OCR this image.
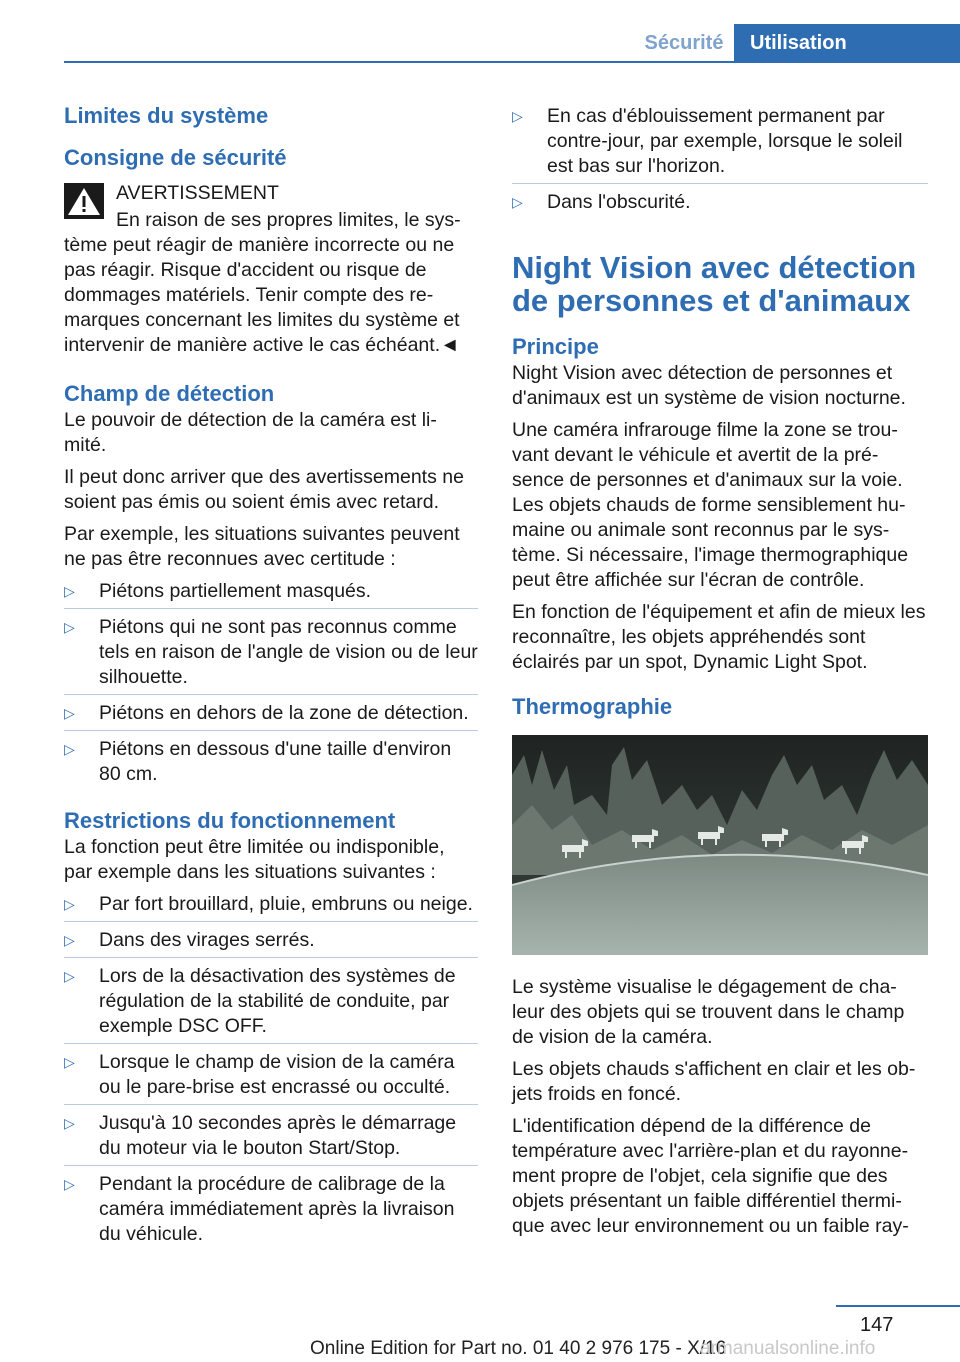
Sécurité	Utilisation
Limites du système
Consigne de sécurité
AVERTISSEMENT

En raison de ses propres limites, le sys-tème peut réagir de manière incorrecte ou ne pas réagir. Risque d'accident ou risque de dommages matériels. Tenir compte des re-marques concernant les limites du système et intervenir de manière active le cas échéant.◄

Champ de détection

Le pouvoir de détection de la caméra est li-mité.

Il peut donc arriver que des avertissements ne soient pas émis ou soient émis avec retard.

Par exemple, les situations suivantes peuvent ne pas être reconnues avec certitude :

▷ Piétons partiellement masqués.
▷ Piétons qui ne sont pas reconnus comme tels en raison de l'angle de vision ou de leur silhouette.
▷ Piétons en dehors de la zone de détection.
▷ Piétons en dessous d'une taille d'environ 80 cm.
Restrictions du fonctionnement

La fonction peut être limitée ou indisponible, par exemple dans les situations suivantes :

▷ Par fort brouillard, pluie, embruns ou neige.
▷ Dans des virages serrés.
▷ Lors de la désactivation des systèmes de régulation de la stabilité de conduite, par exemple DSC OFF.
▷ Lorsque le champ de vision de la caméra ou le pare-brise est encrassé ou occulté.
▷ Jusqu'à 10 secondes après le démarrage du moteur via le bouton Start/Stop.
▷ Pendant la procédure de calibrage de la caméra immédiatement après la livraison du véhicule.
▷ En cas d'éblouissement permanent par contre-jour, par exemple, lorsque le soleil est bas sur l'horizon.
▷ Dans l'obscurité.
Night Vision avec détection de personnes et d'animaux
Principe

Night Vision avec détection de personnes et d'animaux est un système de vision nocturne.

Une caméra infrarouge filme la zone se trou-vant devant le véhicule et avertit de la pré-sence de personnes et d'animaux sur la voie. Les objets chauds de forme sensiblement hu-maine ou animale sont reconnus par le sys-tème. Si nécessaire, l'image thermographique peut être affichée sur l'écran de contrôle.

En fonction de l'équipement et afin de mieux les reconnaître, les objets appréhendés sont éclairés par un spot, Dynamic Light Spot.

Thermographie

Le système visualise le dégagement de cha-leur des objets qui se trouvent dans le champ de vision de la caméra.

Les objets chauds s'affichent en clair et les ob-jets froids en foncé.

L'identification dépend de la différence de température avec l'arrière-plan et du rayonne-ment propre de l'objet, cela signifie que des objets présentant un faible différentiel thermi-que avec leur environnement ou un faible ray-

147
Online Edition for Part no. 01 40 2 976 175 - X/16
armanualsonline.info
